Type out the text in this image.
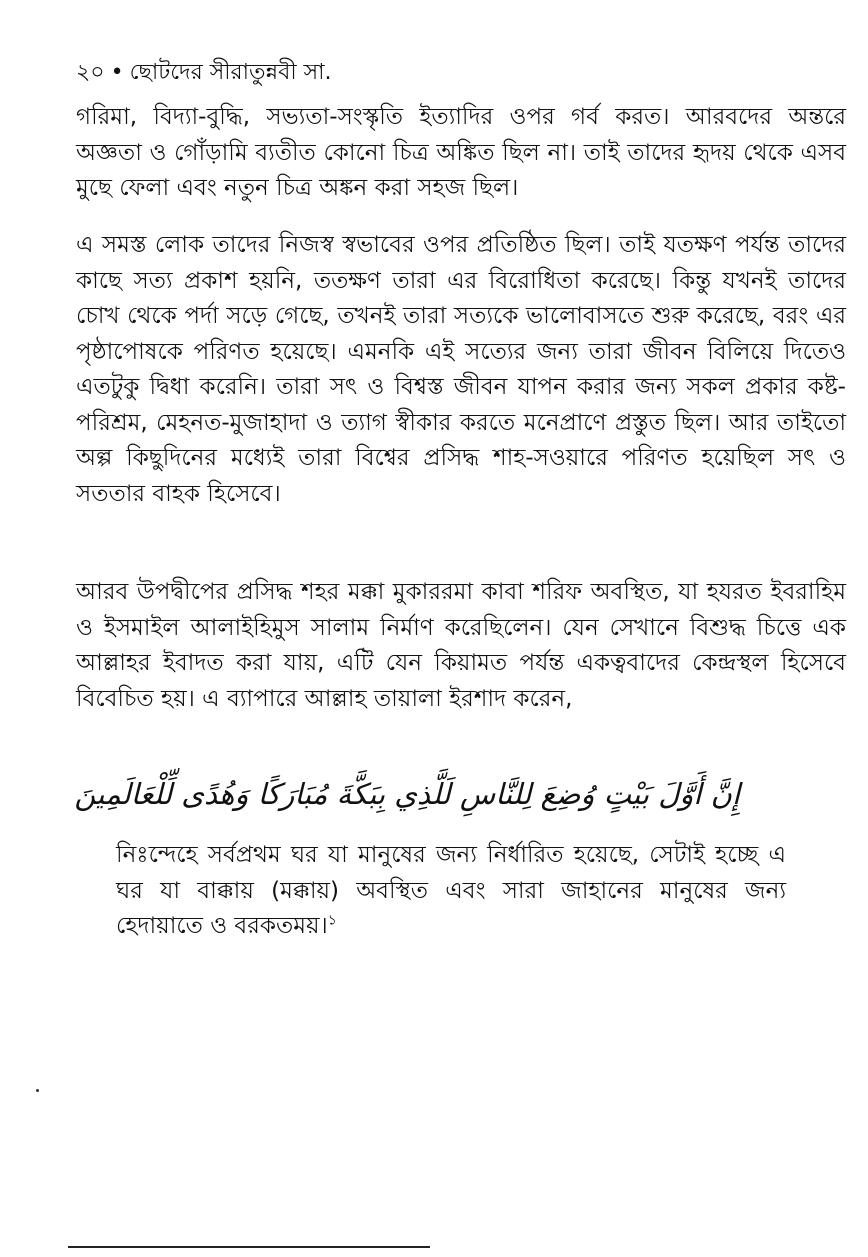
২০ • ছোটদের সীরাতুন্নবী সা.

গরিমা, বিদ্যা-বুদ্ধি, সভ্যতা-সংস্কৃতি ইত্যাদির ওপর গর্ব করত। আরবদের অন্তরে অজ্ঞতা ও গোঁড়ামি ব্যতীত কোনো চিত্র অঙ্কিত ছিল না। তাই তাদের হৃদয় থেকে এসব মুছে ফেলা এবং নতুন চিত্র অঙ্কন করা সহজ ছিল।

এ সমস্ত লোক তাদের নিজস্ব স্বভাবের ওপর প্রতিষ্ঠিত ছিল। তাই যতক্ষণ পর্যন্ত তাদের কাছে সত্য প্রকাশ হয়নি, ততক্ষণ তারা এর বিরোধিতা করেছে। কিন্তু যখনই তাদের চোখ থেকে পর্দা সড়ে গেছে, তখনই তারা সত্যকে ভালোবাসতে শুরু করেছে, বরং এর পৃষ্ঠাপোষকে পরিণত হয়েছে। এমনকি এই সত্যের জন্য তারা জীবন বিলিয়ে দিতেও এতটুকু দ্বিধা করেনি। তারা সৎ ও বিশ্বস্ত জীবন যাপন করার জন্য সকল প্রকার কষ্ট-পরিশ্রম, মেহনত-মুজাহাদা ও ত্যাগ স্বীকার করতে মনেপ্রাণে প্রস্তুত ছিল। আর তাইতো অল্প কিছুদিনের মধ্যেই তারা বিশ্বের প্রসিদ্ধ শাহ-সওয়ারে পরিণত হয়েছিল সৎ ও সততার বাহক হিসেবে।

আরব উপদ্বীপের প্রসিদ্ধ শহর মক্কা মুকাররমা কাবা শরিফ অবস্থিত, যা হযরত ইবরাহিম ও ইসমাইল আলাইহিমুস সালাম নির্মাণ করেছিলেন। যেন সেখানে বিশুদ্ধ চিত্তে এক আল্লাহর ইবাদত করা যায়, এটি যেন কিয়ামত পর্যন্ত একত্ববাদের কেন্দ্রস্থল হিসেবে বিবেচিত হয়। এ ব্যাপারে আল্লাহ তায়ালা ইরশাদ করেন,

إِنَّ أَوَّلَ بَيْتٍ وُضِعَ لِلنَّاسِ لَلَّذِي بِبَكَّةَ مُبَارَكًا وَهُدًى لِّلْعَالَمِينَ

নিঃন্দেহে সর্বপ্রথম ঘর যা মানুষের জন্য নির্ধারিত হয়েছে, সেটাই হচ্ছে এ ঘর যা বাক্কায় (মক্কায়) অবস্থিত এবং সারা জাহানের মানুষের জন্য হেদায়াতে ও বরকতময়।$^১$
